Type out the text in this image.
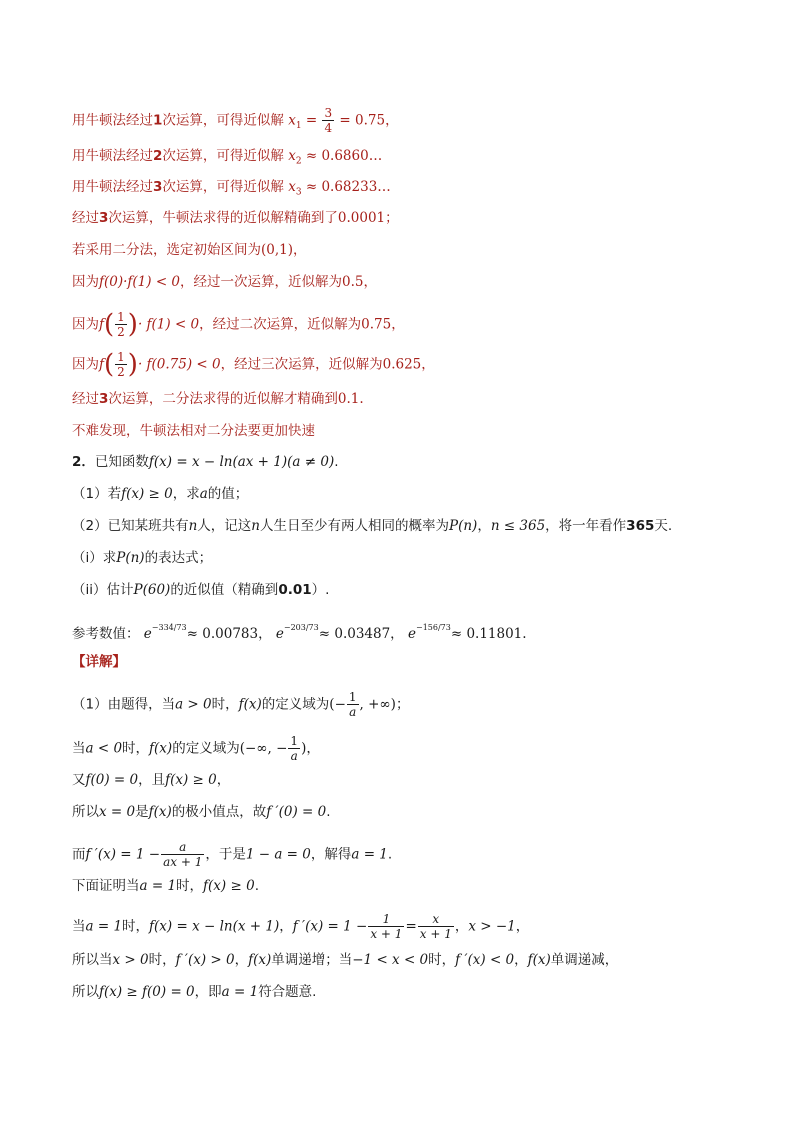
用牛顿法经过1次运算，可得近似解 $x_1 = \frac{3}{4} = 0.75$，
用牛顿法经过2次运算，可得近似解 $x_2$ ≈ 0.6860…
用牛顿法经过3次运算，可得近似解 $x_3$ ≈ 0.68233…
经过3次运算，牛顿法求得的近似解精确到了0.0001；
若采用二分法，选定初始区间为(0,1)，
因为f(0)·f(1) < 0，经过一次运算，近似解为0.5，
因为$f( \frac{1}{2}$ )· f(1) < 0，经过二次运算，近似解为0.75，
因为$f( \frac{1}{2}$ )· f(0.75) < 0，经过三次运算，近似解为0.625，
经过3次运算，二分法求得的近似解才精确到0.1.
不难发现，牛顿法相对二分法要更加快速
2．已知函数f(x) = x − ln(ax + 1)(a ≠ 0).
（1）若f(x) ≥ 0，求a的值；
（2）已知某班共有n人，记这n人生日至少有两人相同的概率为P(n)，n ≤ 365，将一年看作365天.
（i）求P(n)的表达式；
（ii）估计P(60)的近似值（精确到0.01）.
参考数值： $e^{-334/73}\approx 0.00783$， $e^{-203/73}\approx 0.03487$， $e^{-156/73}\approx 0.11801$.
【详解】
（1）由题得，当a > 0时，f(x)的定义域为(− $\frac{1}{a}$ , +∞)；
当a < 0时，f(x)的定义域为(−∞, − $\frac{1}{a}$ )，
又f(0) = 0，且f(x) ≥ 0，
所以x = 0是f(x)的极小值点，故f ′(0) = 0.
而f $'(x) = 1 - \frac{a}{ax + 1}$ ，于是1 − a = 0，解得a = 1.
下面证明当a = 1时，f(x) ≥ 0.
当a = 1时，f(x) = x − ln(x + 1)，f $'(x) = 1 - \frac{1}{x + 1} = \frac{x}{x + 1}$ ，x > −1，
所以当x > 0时，f ′(x) > 0，f(x)单调递增；当−1 < x < 0时，f ′(x) < 0，f(x)单调递减，
所以f(x) ≥ f(0) = 0，即a = 1符合题意.
